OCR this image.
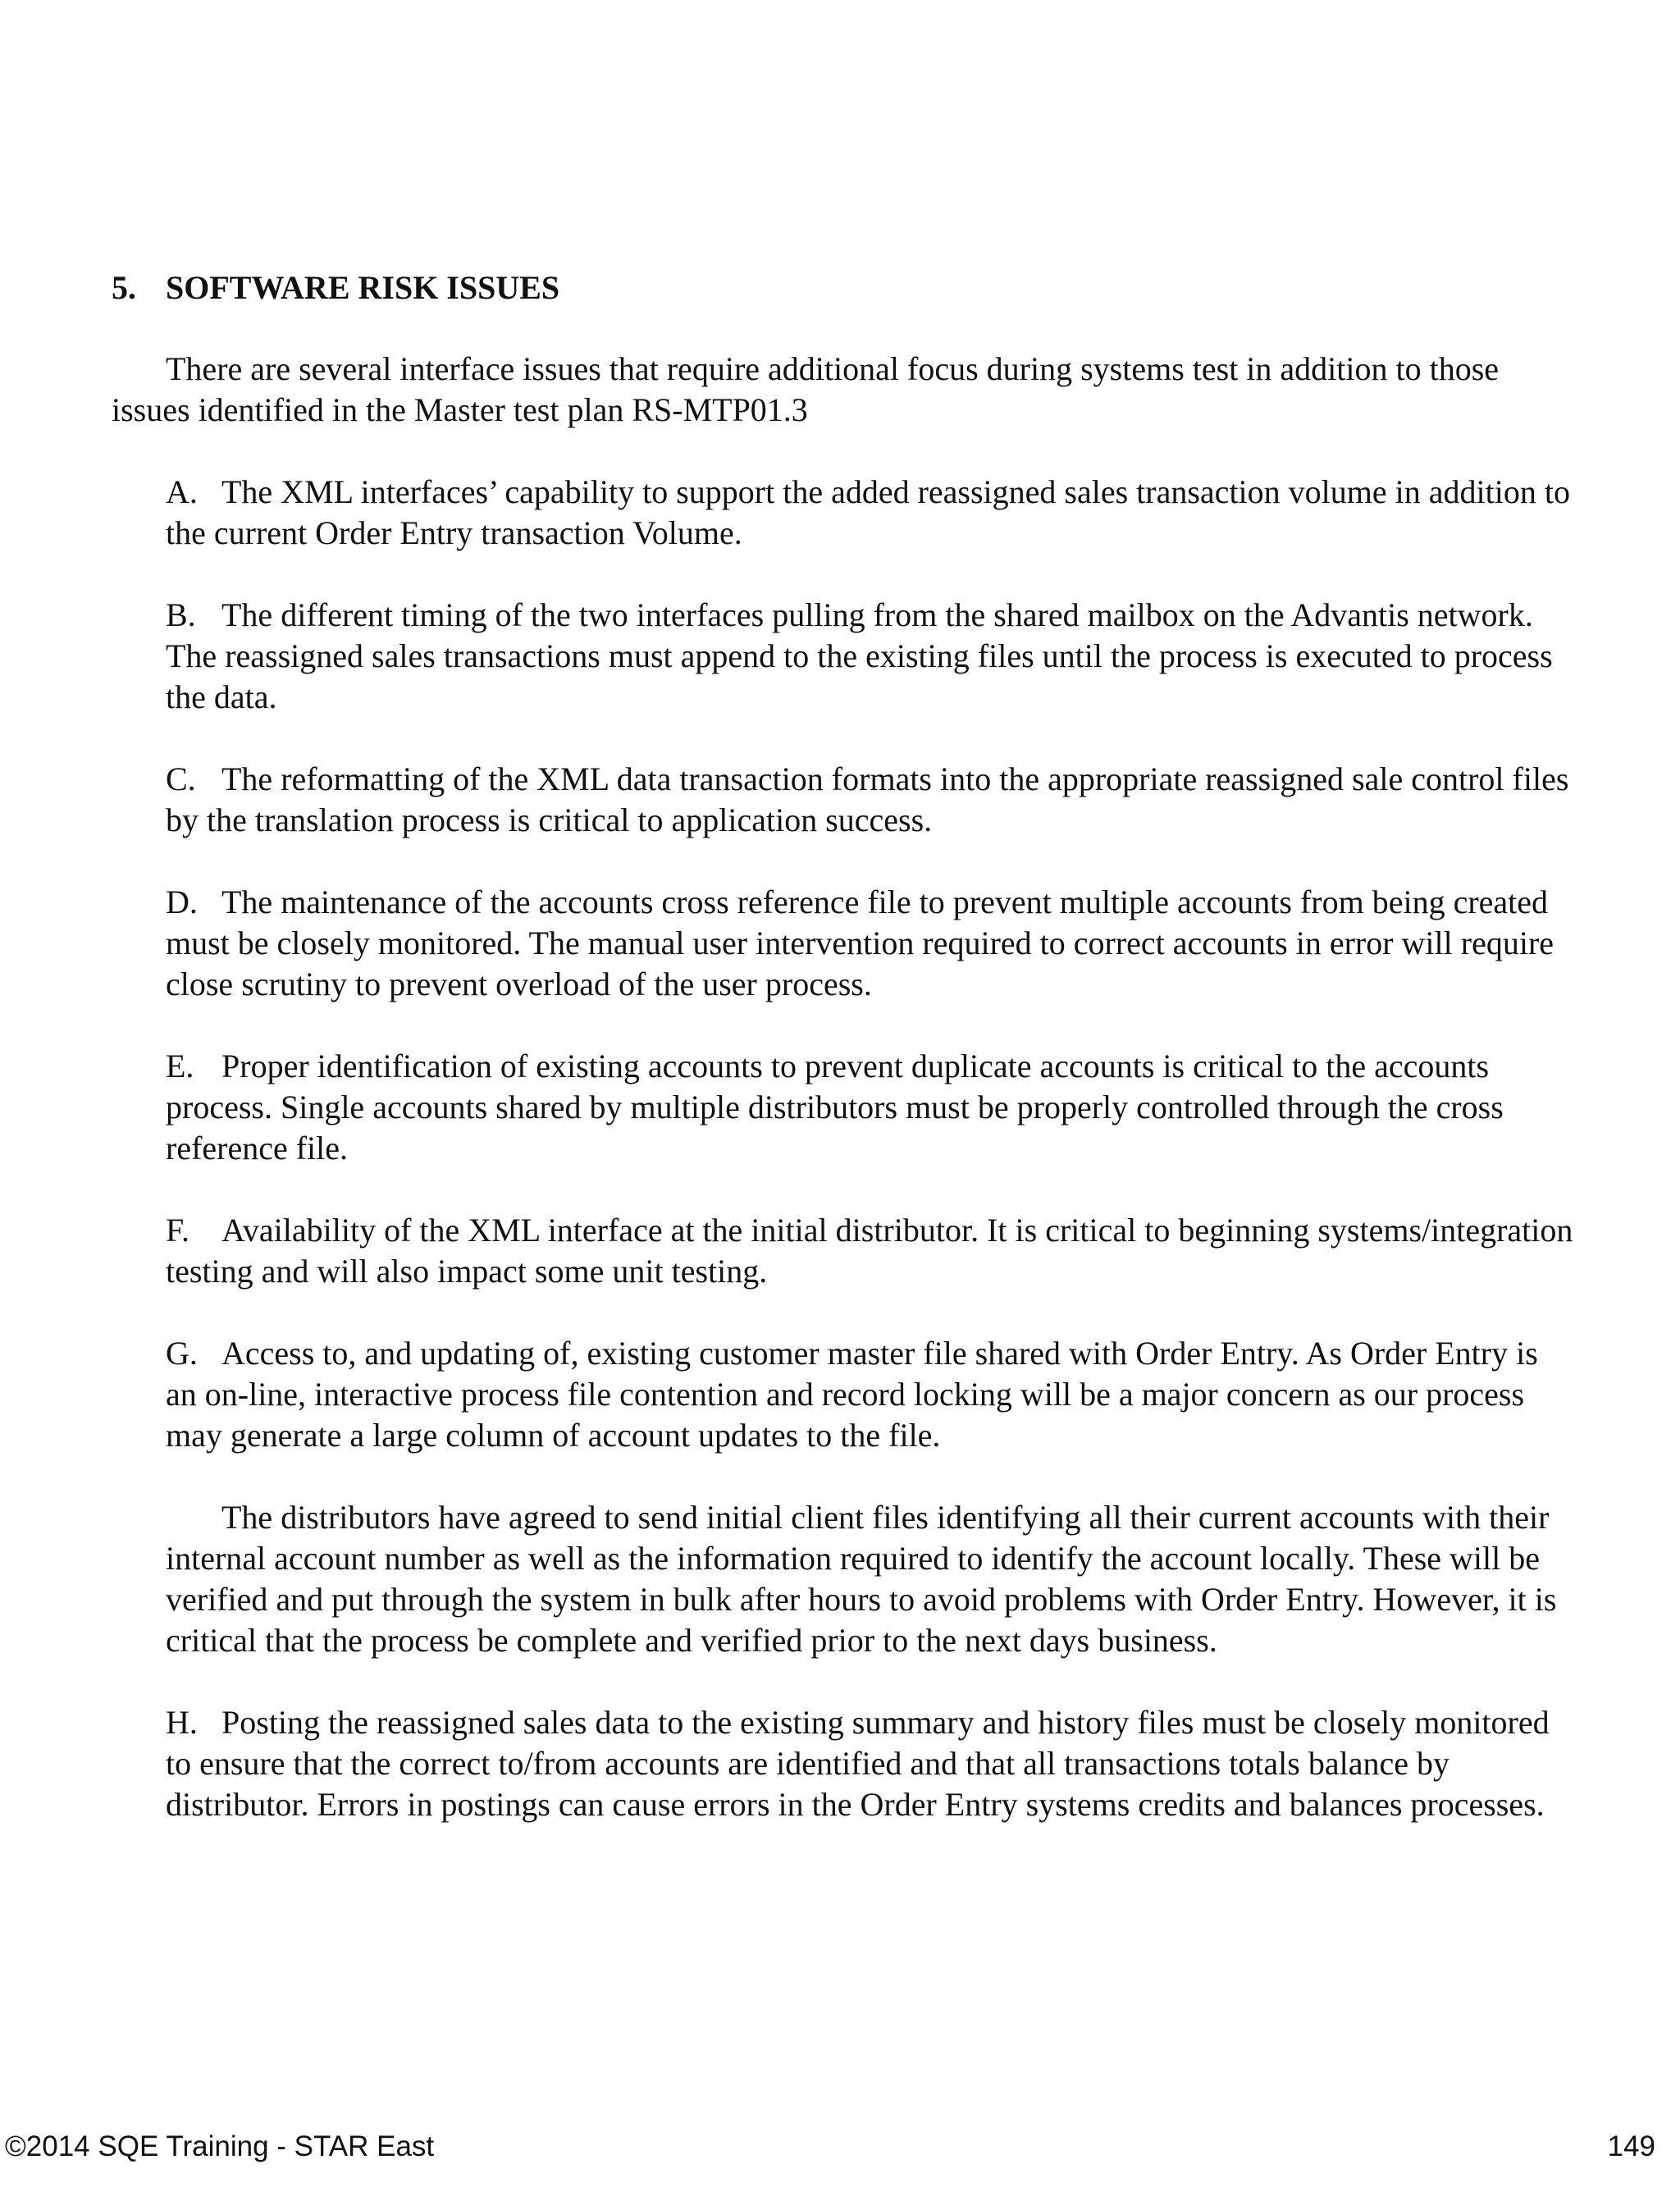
5. SOFTWARE RISK ISSUES
There are several interface issues that require additional focus during systems test in addition to those issues identified in the Master test plan RS-MTP01.3
A. The XML interfaces’ capability to support the added reassigned sales transaction volume in addition to the current Order Entry transaction Volume.
B. The different timing of the two interfaces pulling from the shared mailbox on the Advantis network. The reassigned sales transactions must append to the existing files until the process is executed to process the data.
C. The reformatting of the XML data transaction formats into the appropriate reassigned sale control files by the translation process is critical to application success.
D. The maintenance of the accounts cross reference file to prevent multiple accounts from being created must be closely monitored. The manual user intervention required to correct accounts in error will require close scrutiny to prevent overload of the user process.
E. Proper identification of existing accounts to prevent duplicate accounts is critical to the accounts process. Single accounts shared by multiple distributors must be properly controlled through the cross reference file.
F. Availability of the XML interface at the initial distributor. It is critical to beginning systems/integration testing and will also impact some unit testing.
G. Access to, and updating of, existing customer master file shared with Order Entry. As Order Entry is an on-line, interactive process file contention and record locking will be a major concern as our process may generate a large column of account updates to the file.
The distributors have agreed to send initial client files identifying all their current accounts with their internal account number as well as the information required to identify the account locally. These will be verified and put through the system in bulk after hours to avoid problems with Order Entry. However, it is critical that the process be complete and verified prior to the next days business.
H. Posting the reassigned sales data to the existing summary and history files must be closely monitored to ensure that the correct to/from accounts are identified and that all transactions totals balance by distributor. Errors in postings can cause errors in the Order Entry systems credits and balances processes.
©2014 SQE Training - STAR East	149
